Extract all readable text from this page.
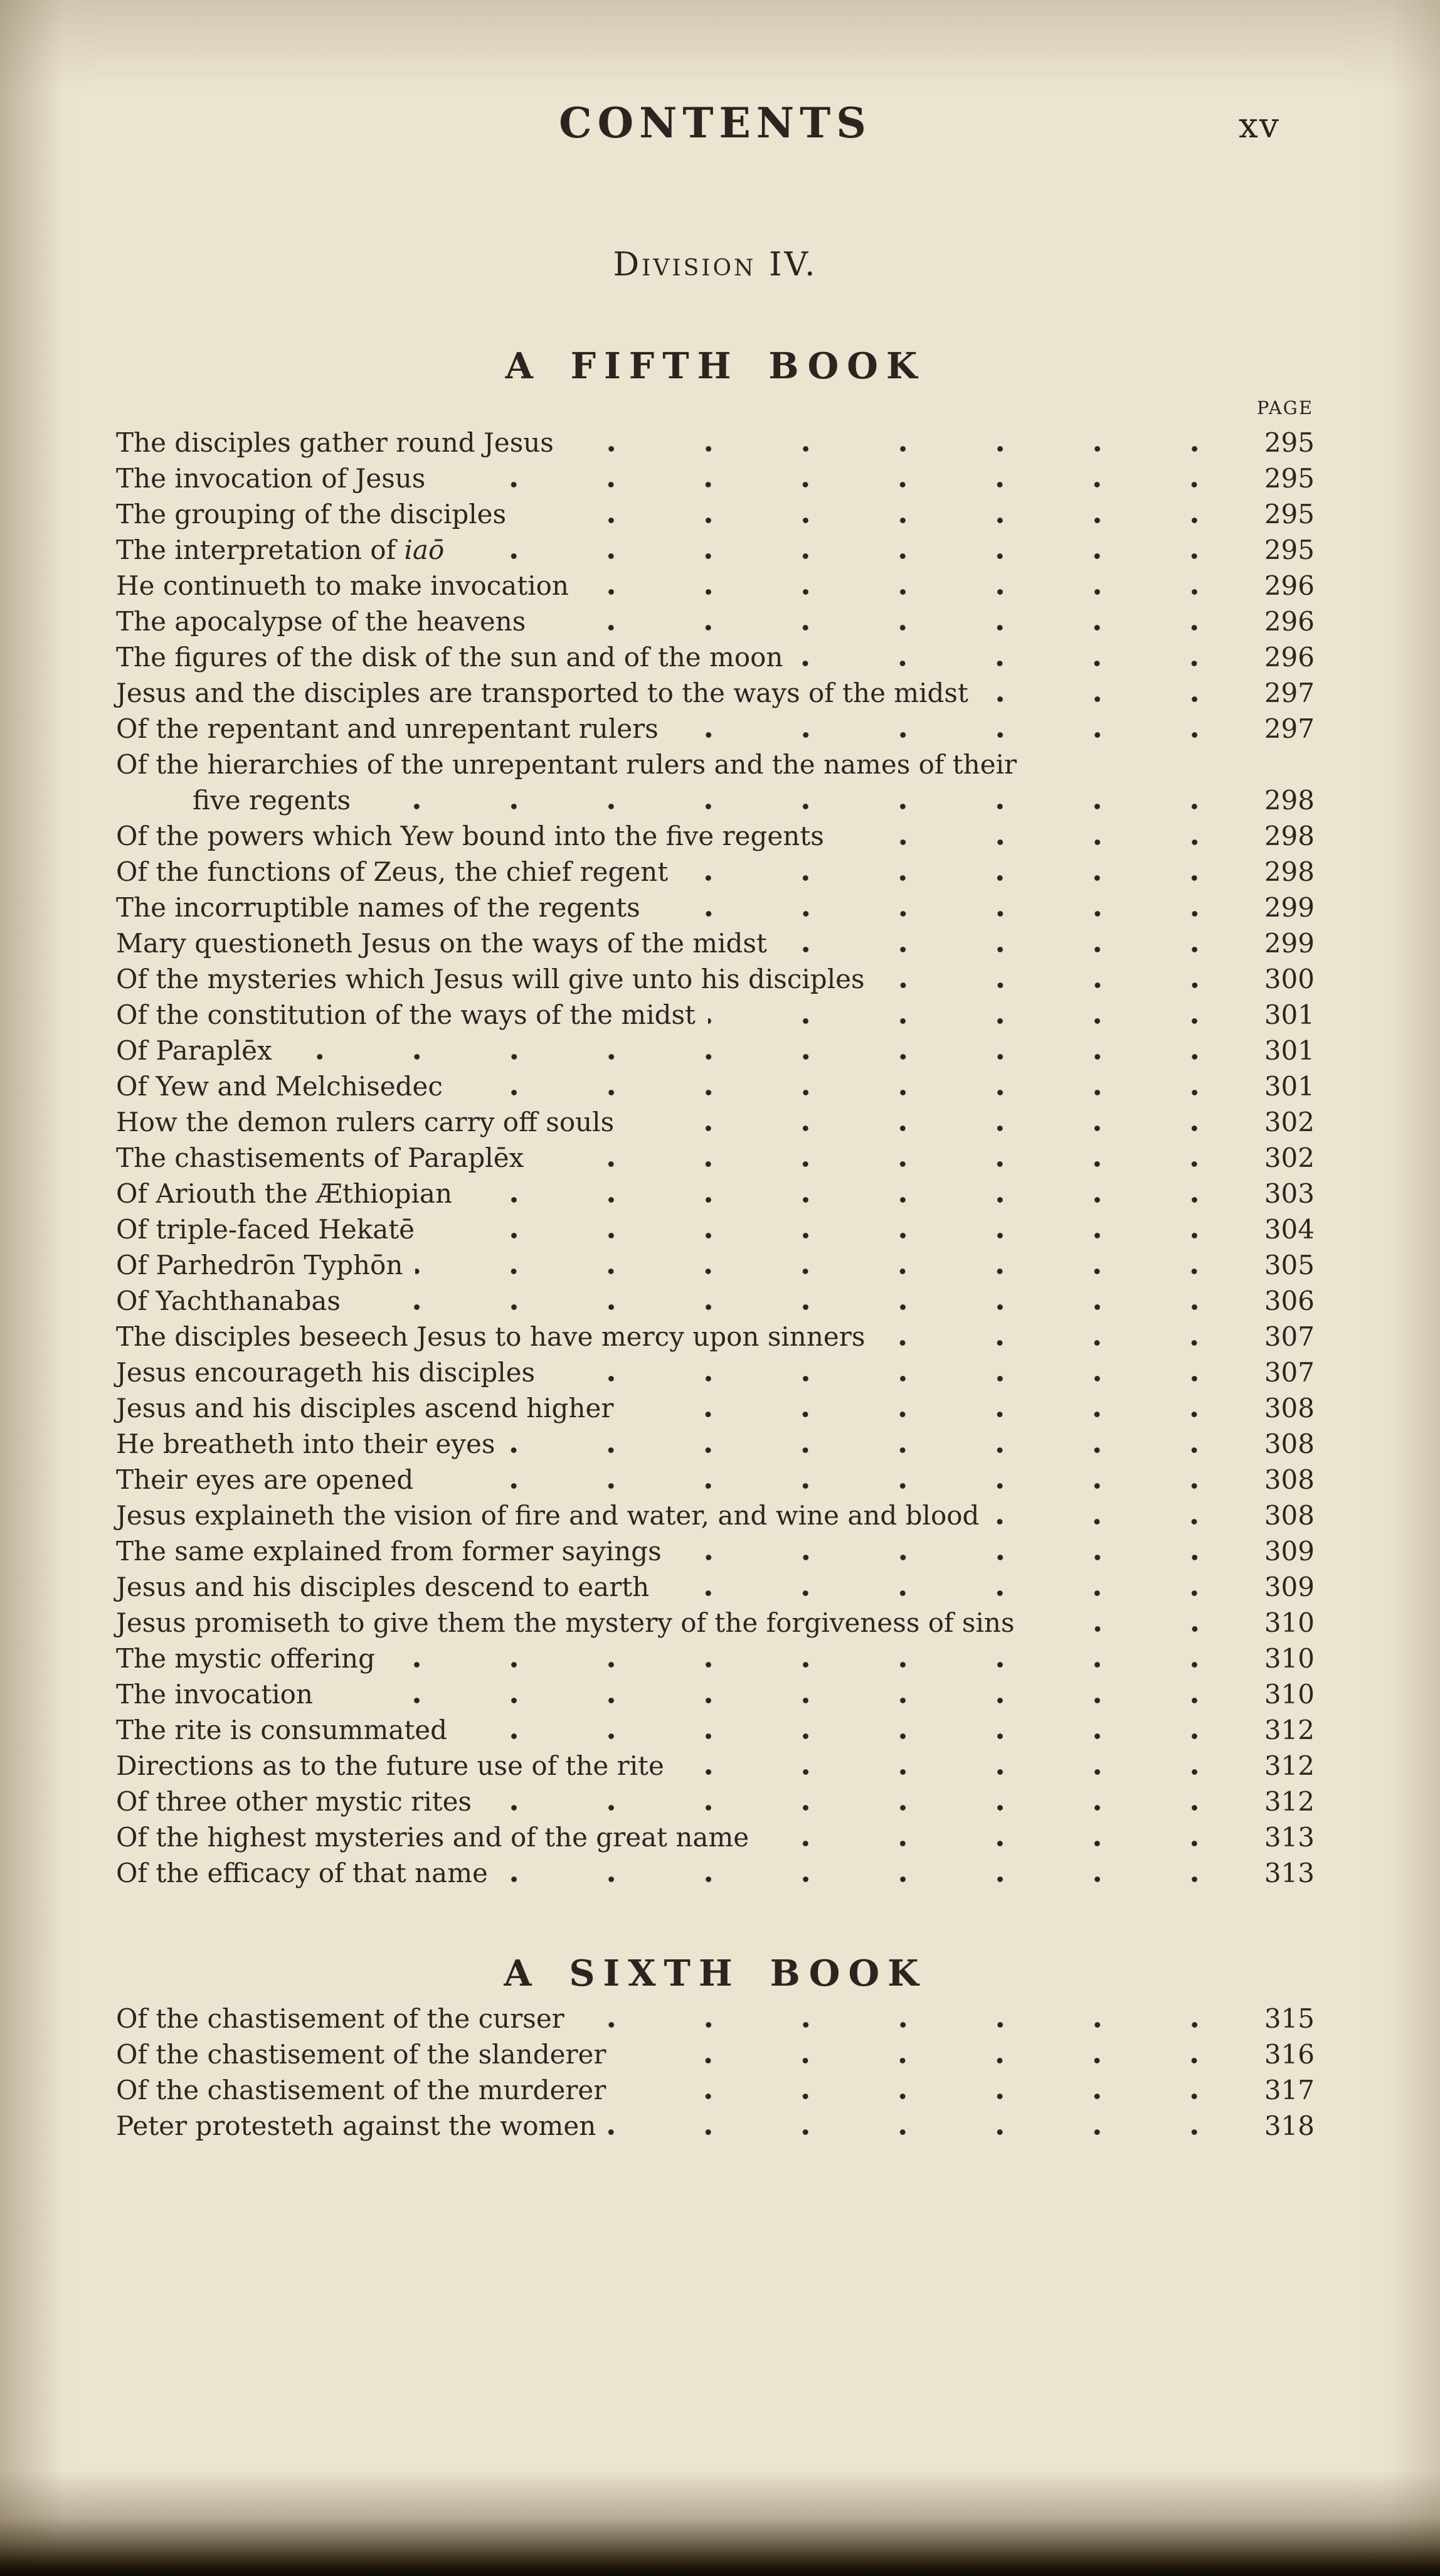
CONTENTS	xv
Division IV.
A FIFTH BOOK
PAGE
The disciples gather round Jesus	295
The invocation of Jesus	295
The grouping of the disciples	295
The interpretation of iaō	295
He continueth to make invocation	296
The apocalypse of the heavens	296
The figures of the disk of the sun and of the moon	296
Jesus and the disciples are transported to the ways of the midst	297
Of the repentant and unrepentant rulers	297
Of the hierarchies of the unrepentant rulers and the names of their
five regents	298
Of the powers which Yew bound into the five regents	298
Of the functions of Zeus, the chief regent	298
The incorruptible names of the regents	299
Mary questioneth Jesus on the ways of the midst	299
Of the mysteries which Jesus will give unto his disciples	300
Of the constitution of the ways of the midst	301
Of Paraplēx	301
Of Yew and Melchisedec	301
How the demon rulers carry off souls	302
The chastisements of Paraplēx	302
Of Ariouth the Æthiopian	303
Of triple-faced Hekatē	304
Of Parhedrōn Typhōn	305
Of Yachthanabas	306
The disciples beseech Jesus to have mercy upon sinners	307
Jesus encourageth his disciples	307
Jesus and his disciples ascend higher	308
He breatheth into their eyes	308
Their eyes are opened	308
Jesus explaineth the vision of fire and water, and wine and blood	308
The same explained from former sayings	309
Jesus and his disciples descend to earth	309
Jesus promiseth to give them the mystery of the forgiveness of sins	310
The mystic offering	310
The invocation	310
The rite is consummated	312
Directions as to the future use of the rite	312
Of three other mystic rites	312
Of the highest mysteries and of the great name	313
Of the efficacy of that name	313
A SIXTH BOOK
Of the chastisement of the curser	315
Of the chastisement of the slanderer	316
Of the chastisement of the murderer	317
Peter protesteth against the women	318
